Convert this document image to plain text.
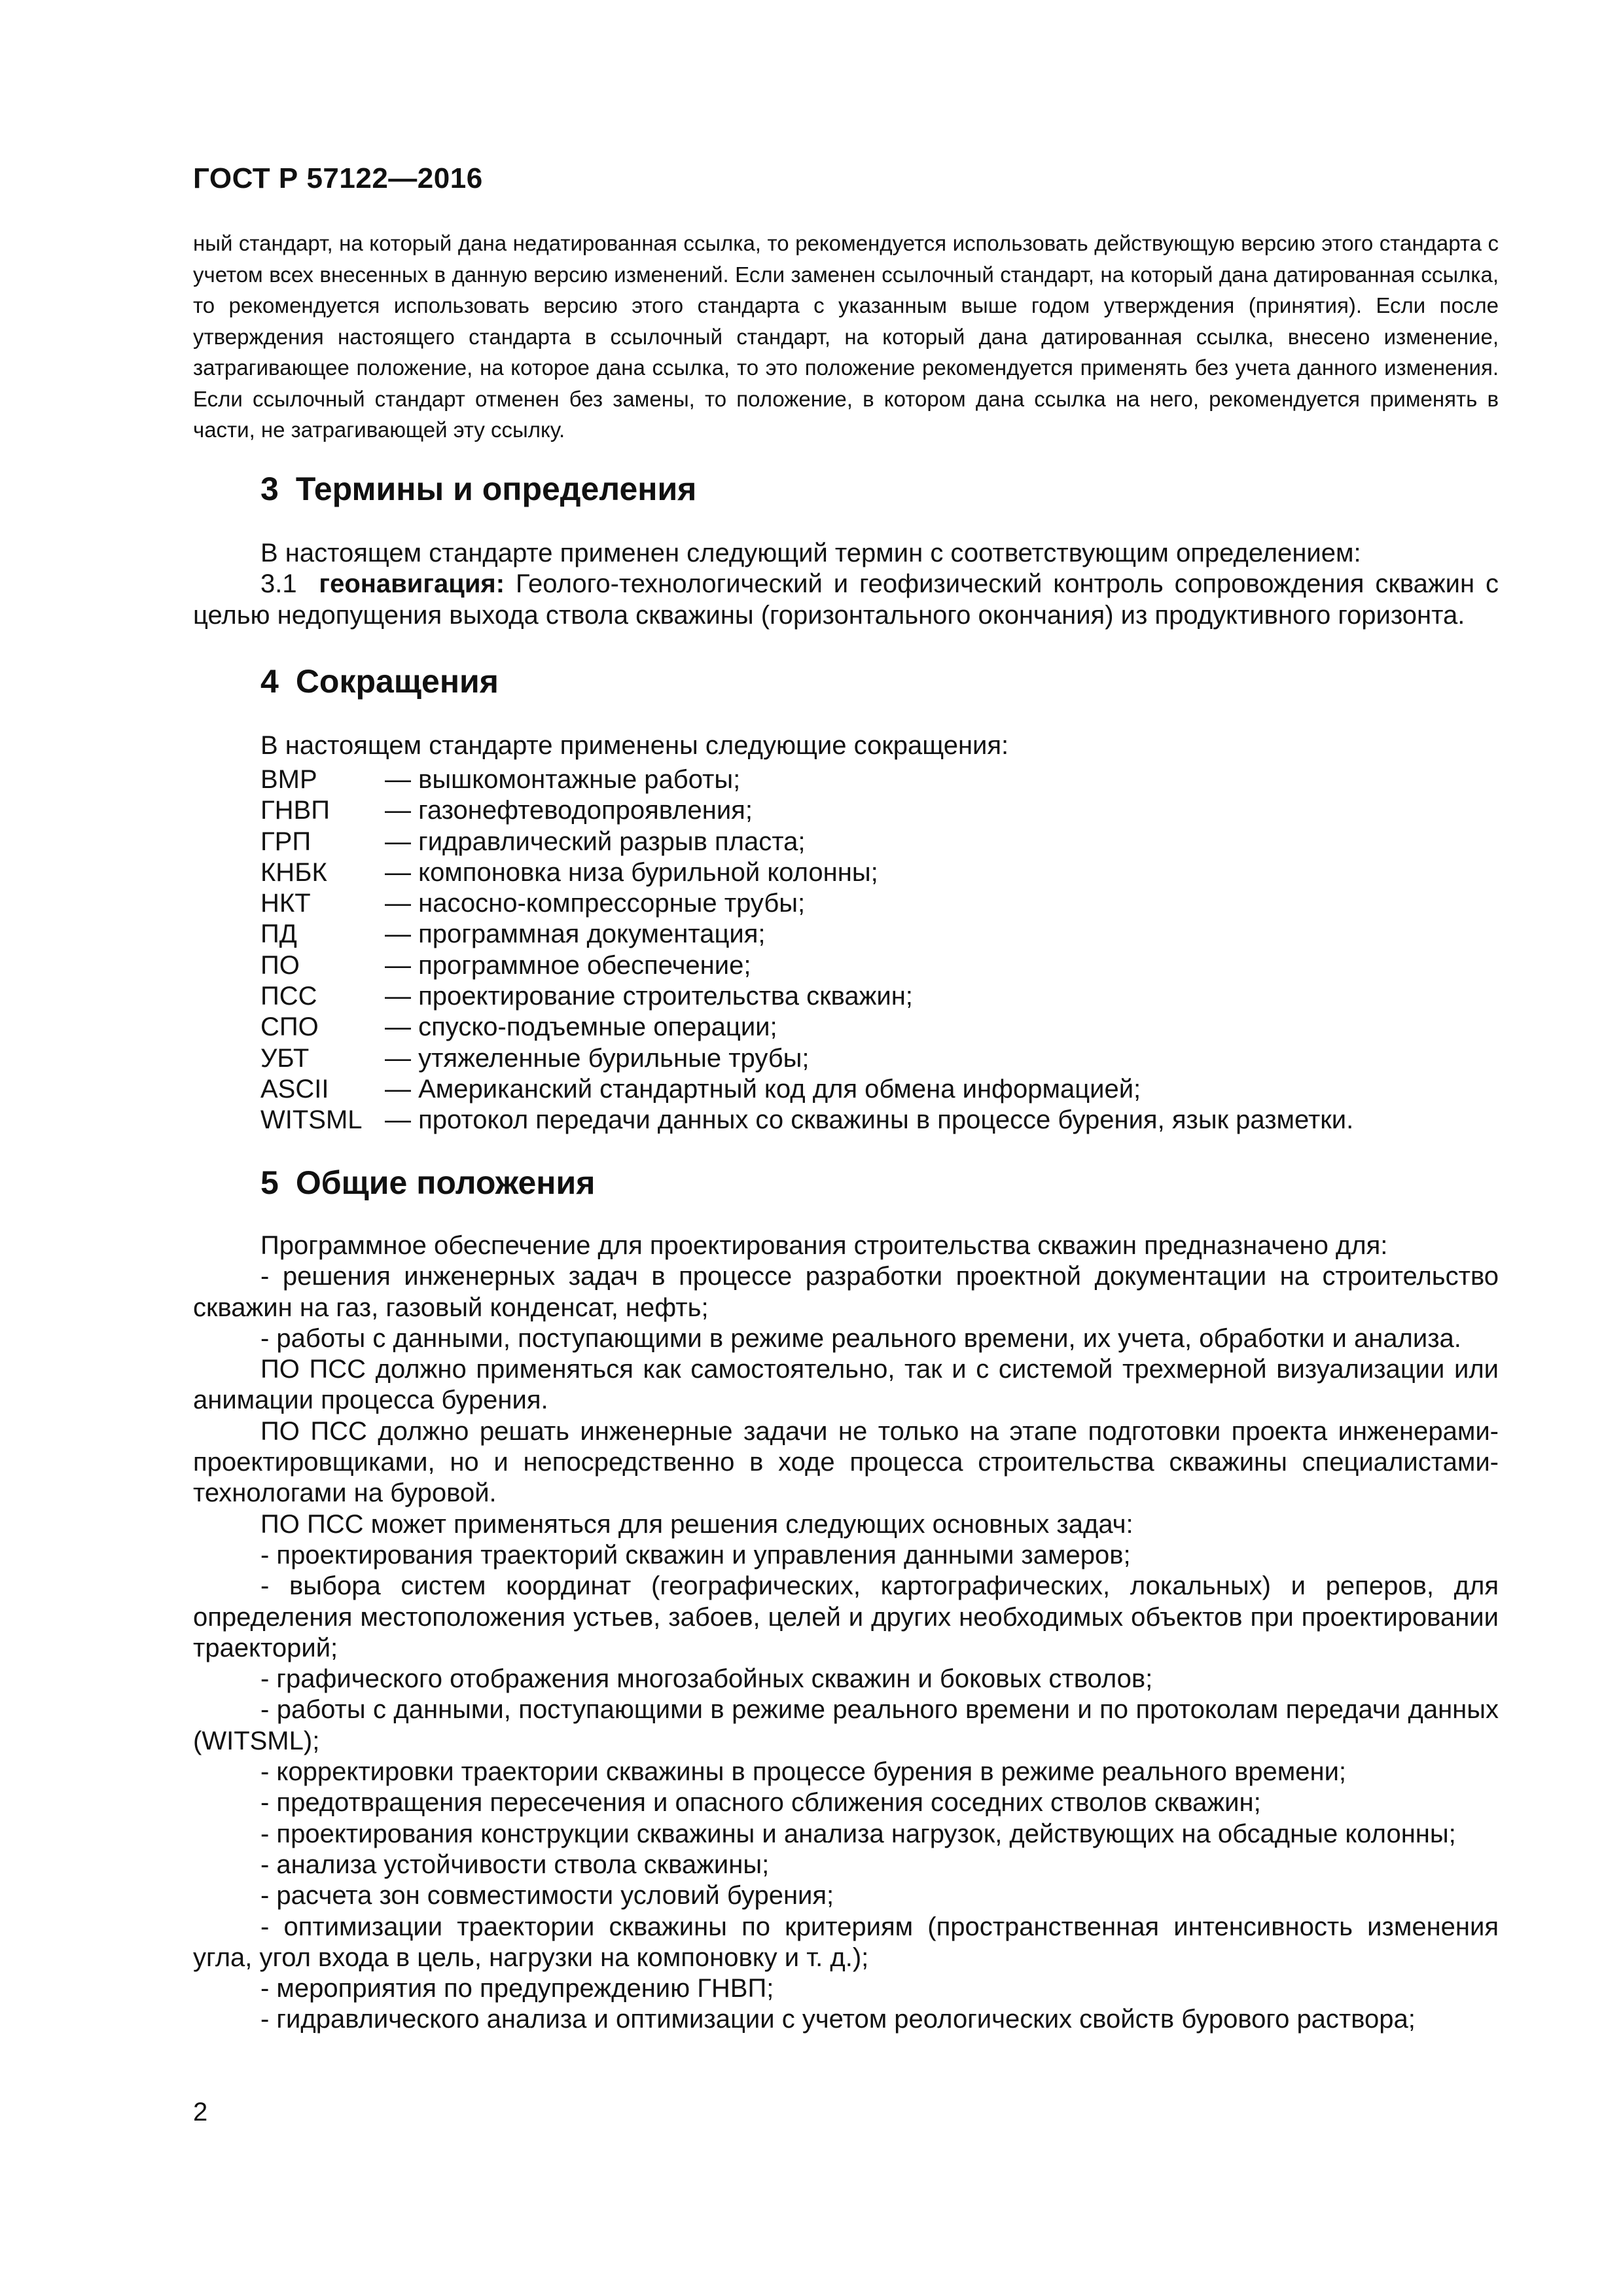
ГОСТ Р 57122—2016

ный стандарт, на который дана недатированная ссылка, то рекомендуется использовать действующую версию этого стандарта с учетом всех внесенных в данную версию изменений. Если заменен ссылочный стандарт, на который дана датированная ссылка, то рекомендуется использовать версию этого стандарта с указанным выше годом утверждения (принятия). Если после утверждения настоящего стандарта в ссылочный стандарт, на который дана датированная ссылка, внесено изменение, затрагивающее положение, на которое дана ссылка, то это положение рекомендуется применять без учета данного изменения. Если ссылочный стандарт отменен без замены, то положение, в котором дана ссылка на него, рекомендуется применять в части, не затрагивающей эту ссылку.

3 Термины и определения

В настоящем стандарте применен следующий термин с соответствующим определением:

3.1 геонавигация: Геолого-технологический и геофизический контроль сопровождения скважин с целью недопущения выхода ствола скважины (горизонтального окончания) из продуктивного горизонта.

4 Сокращения

В настоящем стандарте применены следующие сокращения:

ВМР	— вышкомонтажные работы;
ГНВП	— газонефтеводопроявления;
ГРП	— гидравлический разрыв пласта;
КНБК	— компоновка низа бурильной колонны;
НКТ	— насосно-компрессорные трубы;
ПД	— программная документация;
ПО	— программное обеспечение;
ПСС	— проектирование строительства скважин;
СПО	— спуско-подъемные операции;
УБТ	— утяжеленные бурильные трубы;
ASCII	— Американский стандартный код для обмена информацией;
WITSML — протокол передачи данных со скважины в процессе бурения, язык разметки.
5 Общие положения

Программное обеспечение для проектирования строительства скважин предназначено для:

- решения инженерных задач в процессе разработки проектной документации на строительство скважин на газ, газовый конденсат, нефть;

- работы с данными, поступающими в режиме реального времени, их учета, обработки и анализа.

ПО ПСС должно применяться как самостоятельно, так и с системой трехмерной визуализации или анимации процесса бурения.

ПО ПСС должно решать инженерные задачи не только на этапе подготовки проекта инженерами-проектировщиками, но и непосредственно в ходе процесса строительства скважины специалистами-технологами на буровой.

ПО ПСС может применяться для решения следующих основных задач:

- проектирования траекторий скважин и управления данными замеров;

- выбора систем координат (географических, картографических, локальных) и реперов, для определения местоположения устьев, забоев, целей и других необходимых объектов при проектировании траекторий;

- графического отображения многозабойных скважин и боковых стволов;

- работы с данными, поступающими в режиме реального времени и по протоколам передачи данных (WITSML);

- корректировки траектории скважины в процессе бурения в режиме реального времени;

- предотвращения пересечения и опасного сближения соседних стволов скважин;

- проектирования конструкции скважины и анализа нагрузок, действующих на обсадные колонны;

- анализа устойчивости ствола скважины;

- расчета зон совместимости условий бурения;

- оптимизации траектории скважины по критериям (пространственная интенсивность изменения угла, угол входа в цель, нагрузки на компоновку и т. д.);

- мероприятия по предупреждению ГНВП;

- гидравлического анализа и оптимизации с учетом реологических свойств бурового раствора;

2
